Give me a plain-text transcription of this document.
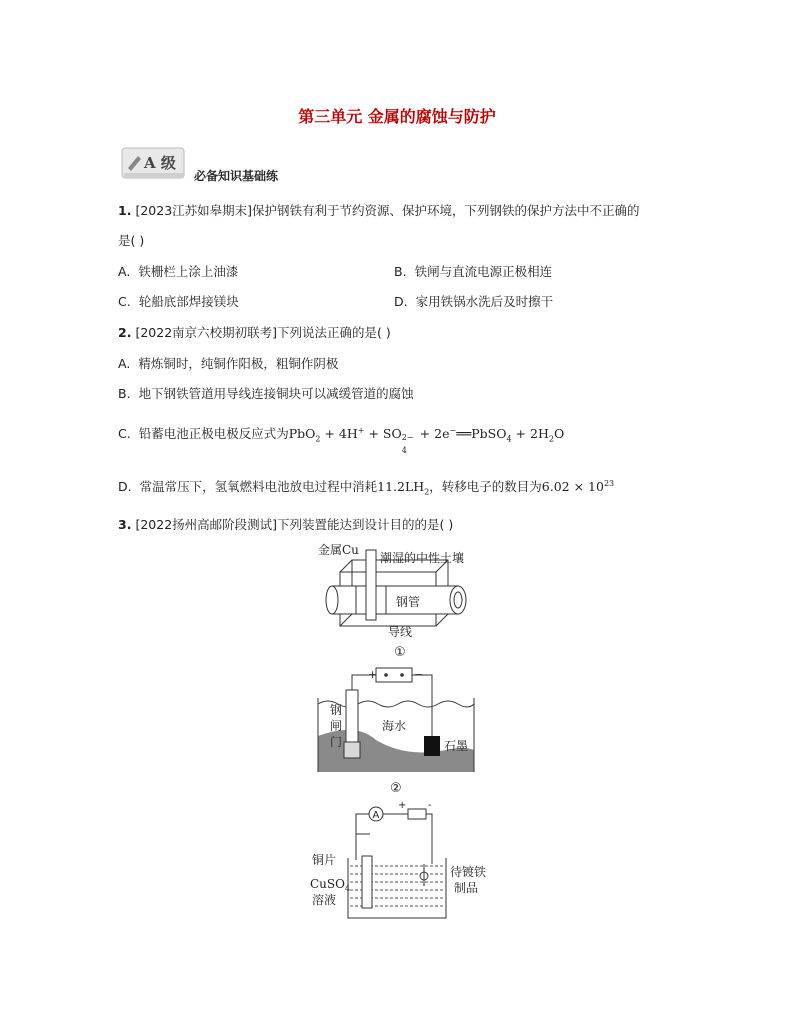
第三单元 金属的腐蚀与防护
A 级
必备知识基础练
1. [2023江苏如皋期末]保护钢铁有利于节约资源、保护环境，下列钢铁的保护方法中不正确的
是( )
A. 铁栅栏上涂上油漆	B. 铁闸与直流电源正极相连
C. 轮船底部焊接镁块	D. 家用铁锅水洗后及时擦干
2. [2022南京六校期初联考]下列说法正确的是( )
A. 精炼铜时，纯铜作阳极，粗铜作阴极
B. 地下钢铁管道用导线连接铜块可以减缓管道的腐蚀
C. 铅蓄电池正极电极反应式为PbO$_2$ + 4H+ + SO 2−
4
+ 2e−══PbSO$_4$ + $2H_2O$
D. 常温常压下，氢氧燃料电池放电过程中消耗$11.2LH_2$，转移电子的数目为$6.02 \times 10^{23}$
3. [2022扬州高邮阶段测试]下列装置能达到设计目的的是( )
金属Cu
潮湿的中性土壤
钢管
导线
①
+	−
钢
闸
门
海水
石墨
②
A
+ -
铜片
CuSO$_4$
溶液
待镀铁
制品
